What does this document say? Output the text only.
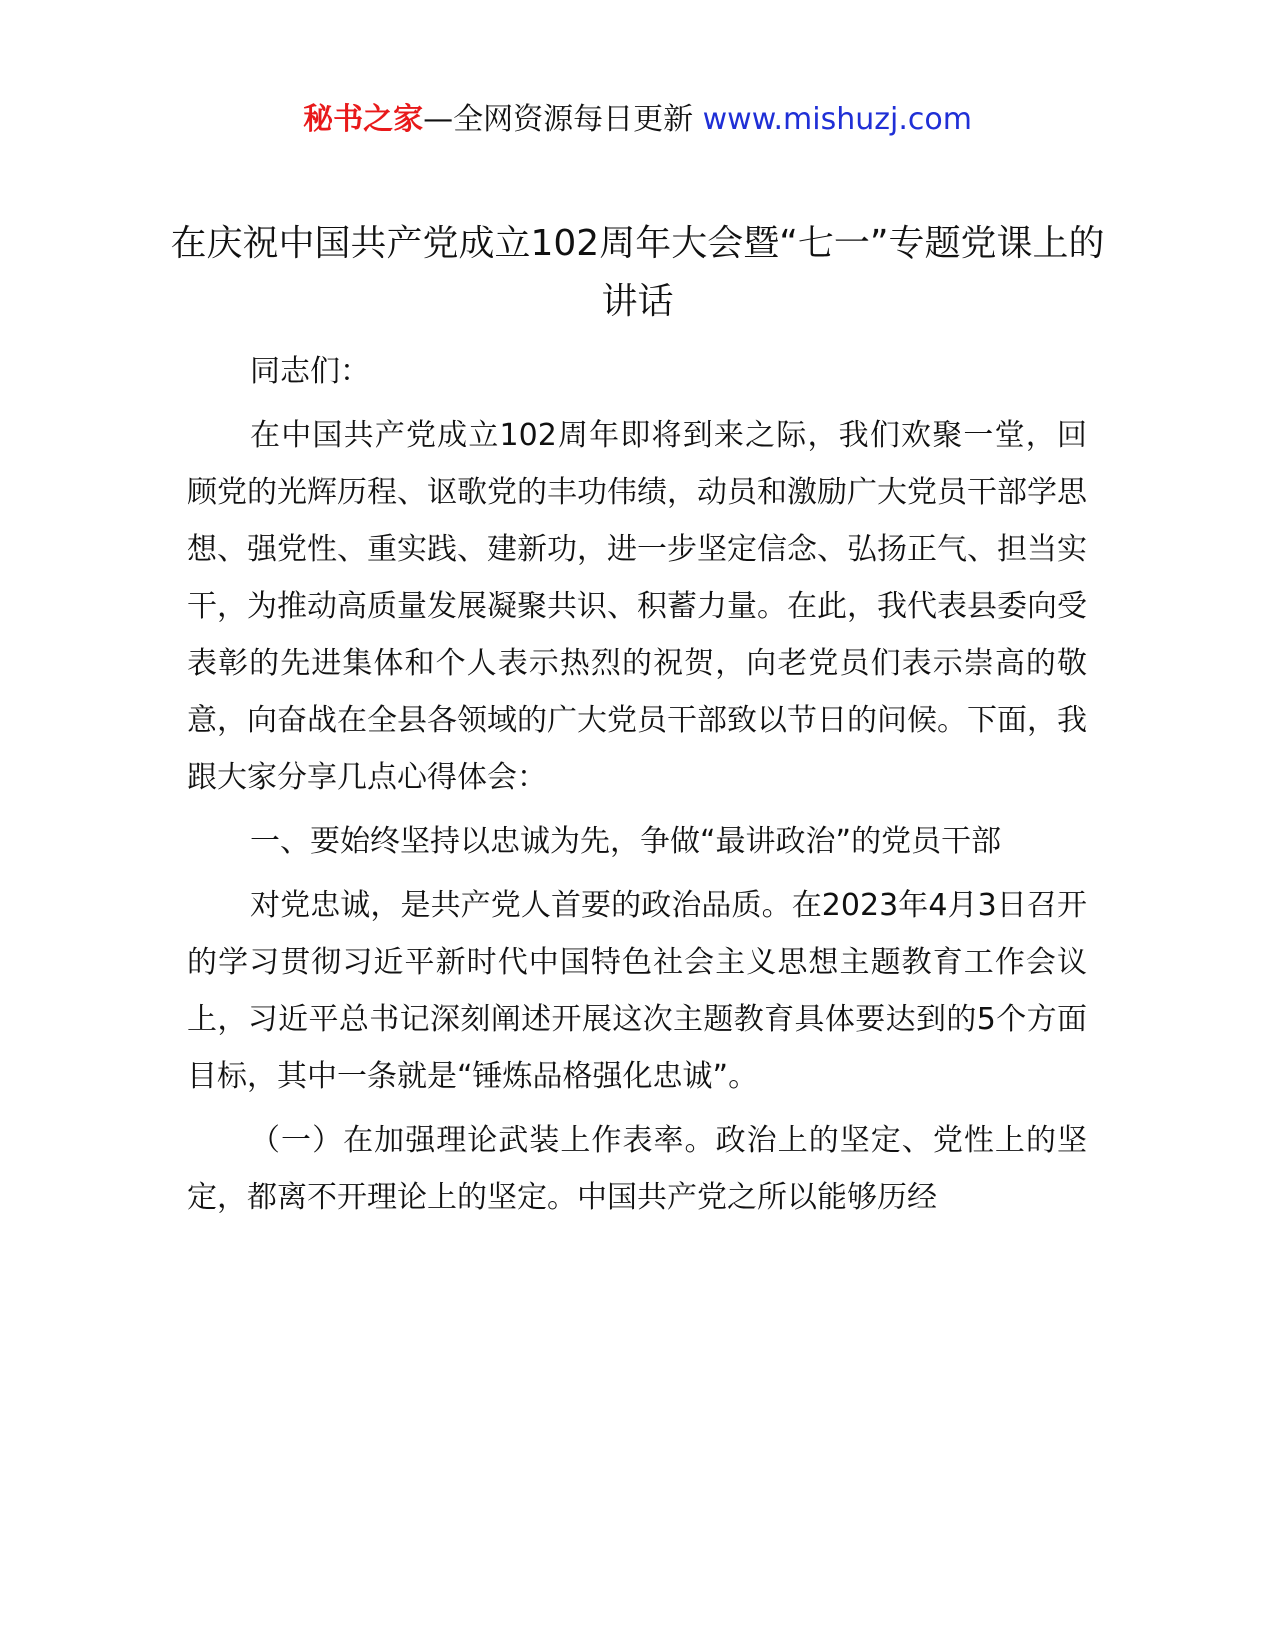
秘书之家—全网资源每日更新 www.mishuzj.com
在庆祝中国共产党成立102周年大会暨“七一”专题党课上的讲话

同志们：

在中国共产党成立102周年即将到来之际，我们欢聚一堂，回顾党的光辉历程、讴歌党的丰功伟绩，动员和激励广大党员干部学思想、强党性、重实践、建新功，进一步坚定信念、弘扬正气、担当实干，为推动高质量发展凝聚共识、积蓄力量。在此，我代表县委向受表彰的先进集体和个人表示热烈的祝贺，向老党员们表示崇高的敬意，向奋战在全县各领域的广大党员干部致以节日的问候。下面，我跟大家分享几点心得体会：

一、要始终坚持以忠诚为先，争做“最讲政治”的党员干部

对党忠诚，是共产党人首要的政治品质。在2023年4月3日召开的学习贯彻习近平新时代中国特色社会主义思想主题教育工作会议上，习近平总书记深刻阐述开展这次主题教育具体要达到的5个方面目标，其中一条就是“锤炼品格强化忠诚”。

（一）在加强理论武装上作表率。政治上的坚定、党性上的坚定，都离不开理论上的坚定。中国共产党之所以能够历经
